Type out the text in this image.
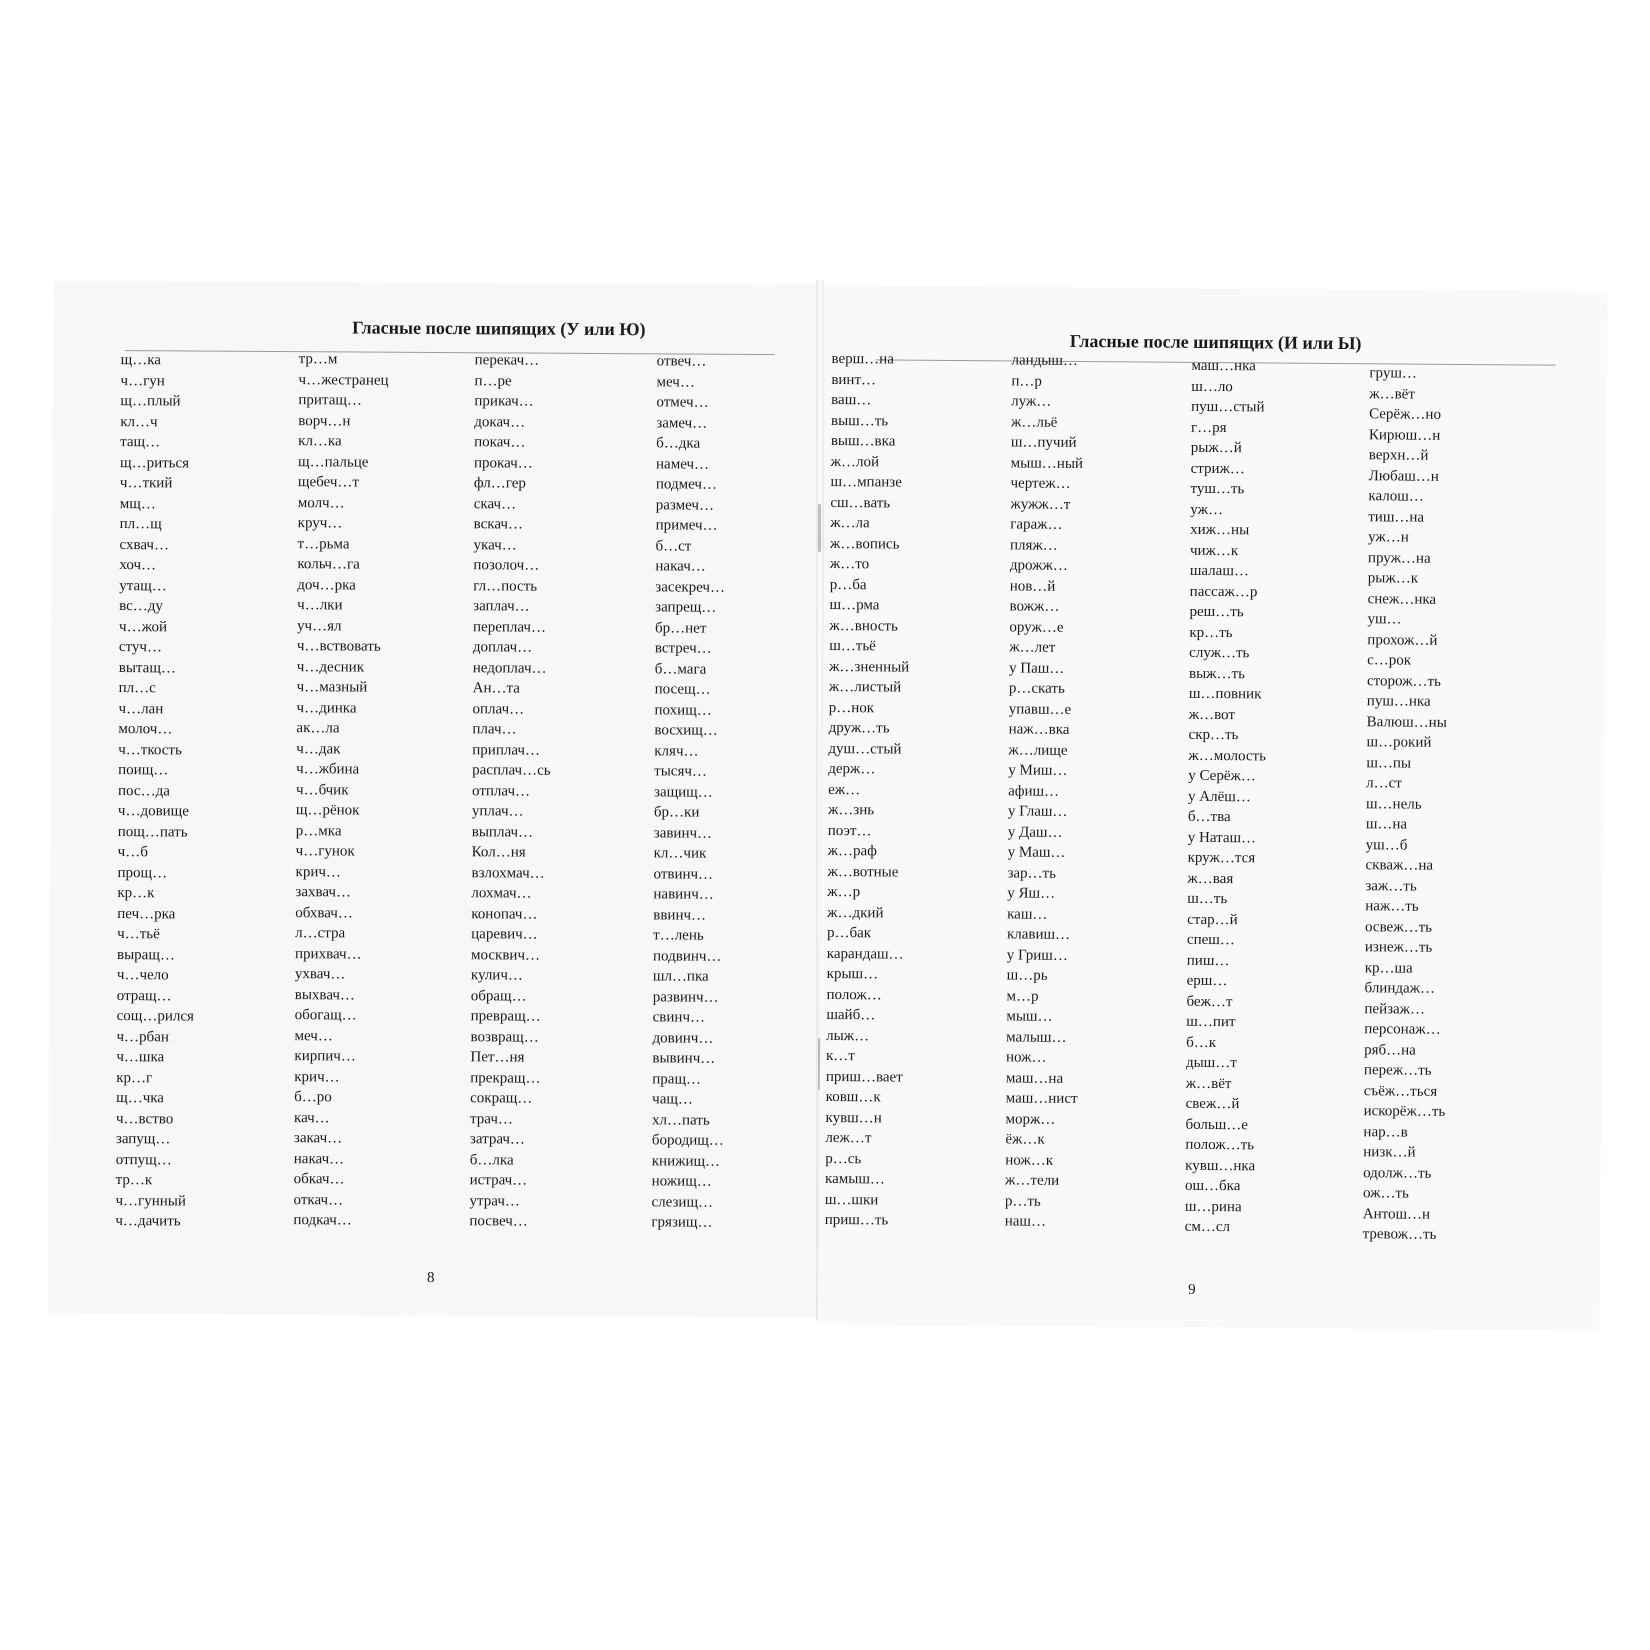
Гласные после шипящих (У или Ю)
щ…ка
ч…гун
щ…плый
кл…ч
тащ…
щ…риться
ч…ткий
мщ…
пл…щ
схвач…
хоч…
утащ…
вс…ду
ч…жой
стуч…
вытащ…
пл…с
ч…лан
молоч…
ч…ткость
поищ…
пос…да
ч…довище
пощ…пать
ч…б
прощ…
кр…к
печ…рка
ч…тьё
выращ…
ч…чело
отращ…
сощ…рился
ч…рбан
ч…шка
кр…г
щ…чка
ч…вство
запущ…
отпущ…
тр…к
ч…гунный
ч…дачить
тр…м
ч…жестранец
притащ…
ворч…н
кл…ка
щ…пальце
щебеч…т
молч…
круч…
т…рьма
кольч…га
доч…рка
ч…лки
уч…ял
ч…вствовать
ч…десник
ч…мазный
ч…динка
ак…ла
ч…дак
ч…жбина
ч…бчик
щ…рёнок
р…мка
ч…гунок
крич…
захвач…
обхвач…
л…стра
прихвач…
ухвач…
выхвач…
обогащ…
меч…
кирпич…
крич…
б…ро
кач…
закач…
накач…
обкач…
откач…
подкач…
перекач…
п…ре
прикач…
докач…
покач…
прокач…
фл…гер
скач…
вскач…
укач…
позолоч…
гл…пость
заплач…
переплач…
доплач…
недоплач…
Ан…та
оплач…
плач…
приплач…
расплач…сь
отплач…
уплач…
выплач…
Кол…ня
взлохмач…
лохмач…
конопач…
царевич…
москвич…
кулич…
обращ…
превращ…
возвращ…
Пет…ня
прекращ…
сокращ…
трач…
затрач…
б…лка
истрач…
утрач…
посвеч…
отвеч…
меч…
отмеч…
замеч…
б…дка
намеч…
подмеч…
размеч…
примеч…
б…ст
накач…
засекреч…
запрещ…
бр…нет
встреч…
б…мага
посещ…
похищ…
восхищ…
кляч…
тысяч…
защищ…
бр…ки
завинч…
кл…чик
отвинч…
навинч…
ввинч…
т…лень
подвинч…
шл…пка
развинч…
свинч…
довинч…
вывинч…
пращ…
чащ…
хл…пать
бородищ…
книжищ…
ножищ…
слезищ…
грязищ…
8
Гласные после шипящих (И или Ы)
верш…на
винт…
ваш…
выш…ть
выш…вка
ж…лой
ш…мпанзе
сш…вать
ж…ла
ж…вопись
ж…то
р…ба
ш…рма
ж…вность
ш…тьё
ж…зненный
ж…листый
р…нок
друж…ть
душ…стый
держ…
еж…
ж…знь
поэт…
ж…раф
ж…вотные
ж…р
ж…дкий
р…бак
карандаш…
крыш…
полож…
шайб…
лыж…
к…т
приш…вает
ковш…к
кувш…н
леж…т
р…сь
камыш…
ш…шки
приш…ть
ландыш…
п…р
луж…
ж…льё
ш…пучий
мыш…ный
чертеж…
жужж…т
гараж…
пляж…
дрожж…
нов…й
вожж…
оруж…е
ж…лет
у Паш…
р…скать
упавш…е
наж…вка
ж…лище
у Миш…
афиш…
у Глаш…
у Даш…
у Маш…
зар…ть
у Яш…
каш…
клавиш…
у Гриш…
ш…рь
м…р
мыш…
малыш…
нож…
маш…на
маш…нист
морж…
ёж…к
нож…к
ж…тели
р…ть
наш…
маш…нка
ш…ло
пуш…стый
г…ря
рыж…й
стриж…
туш…ть
уж…
хиж…ны
чиж…к
шалаш…
пассаж…р
реш…ть
кр…ть
служ…ть
выж…ть
ш…повник
ж…вот
скр…ть
ж…молость
у Серёж…
у Алёш…
б…тва
у Наташ…
круж…тся
ж…вая
ш…ть
стар…й
спеш…
пиш…
ерш…
беж…т
ш…пит
б…к
дыш…т
ж…вёт
свеж…й
больш…е
полож…ть
кувш…нка
ош…бка
ш…рина
см…сл
груш…
ж…вёт
Серёж…но
Кирюш…н
верхн…й
Любаш…н
калош…
тиш…на
уж…н
пруж…на
рыж…к
снеж…нка
уш…
прохож…й
с…рок
сторож…ть
пуш…нка
Валюш…ны
ш…рокий
ш…пы
л…ст
ш…нель
ш…на
уш…б
скваж…на
заж…ть
наж…ть
освеж…ть
изнеж…ть
кр…ша
блиндаж…
пейзаж…
персонаж…
ряб…на
переж…ть
съёж…ться
искорёж…ть
нар…в
низк…й
одолж…ть
ож…ть
Антош…н
тревож…ть
9
